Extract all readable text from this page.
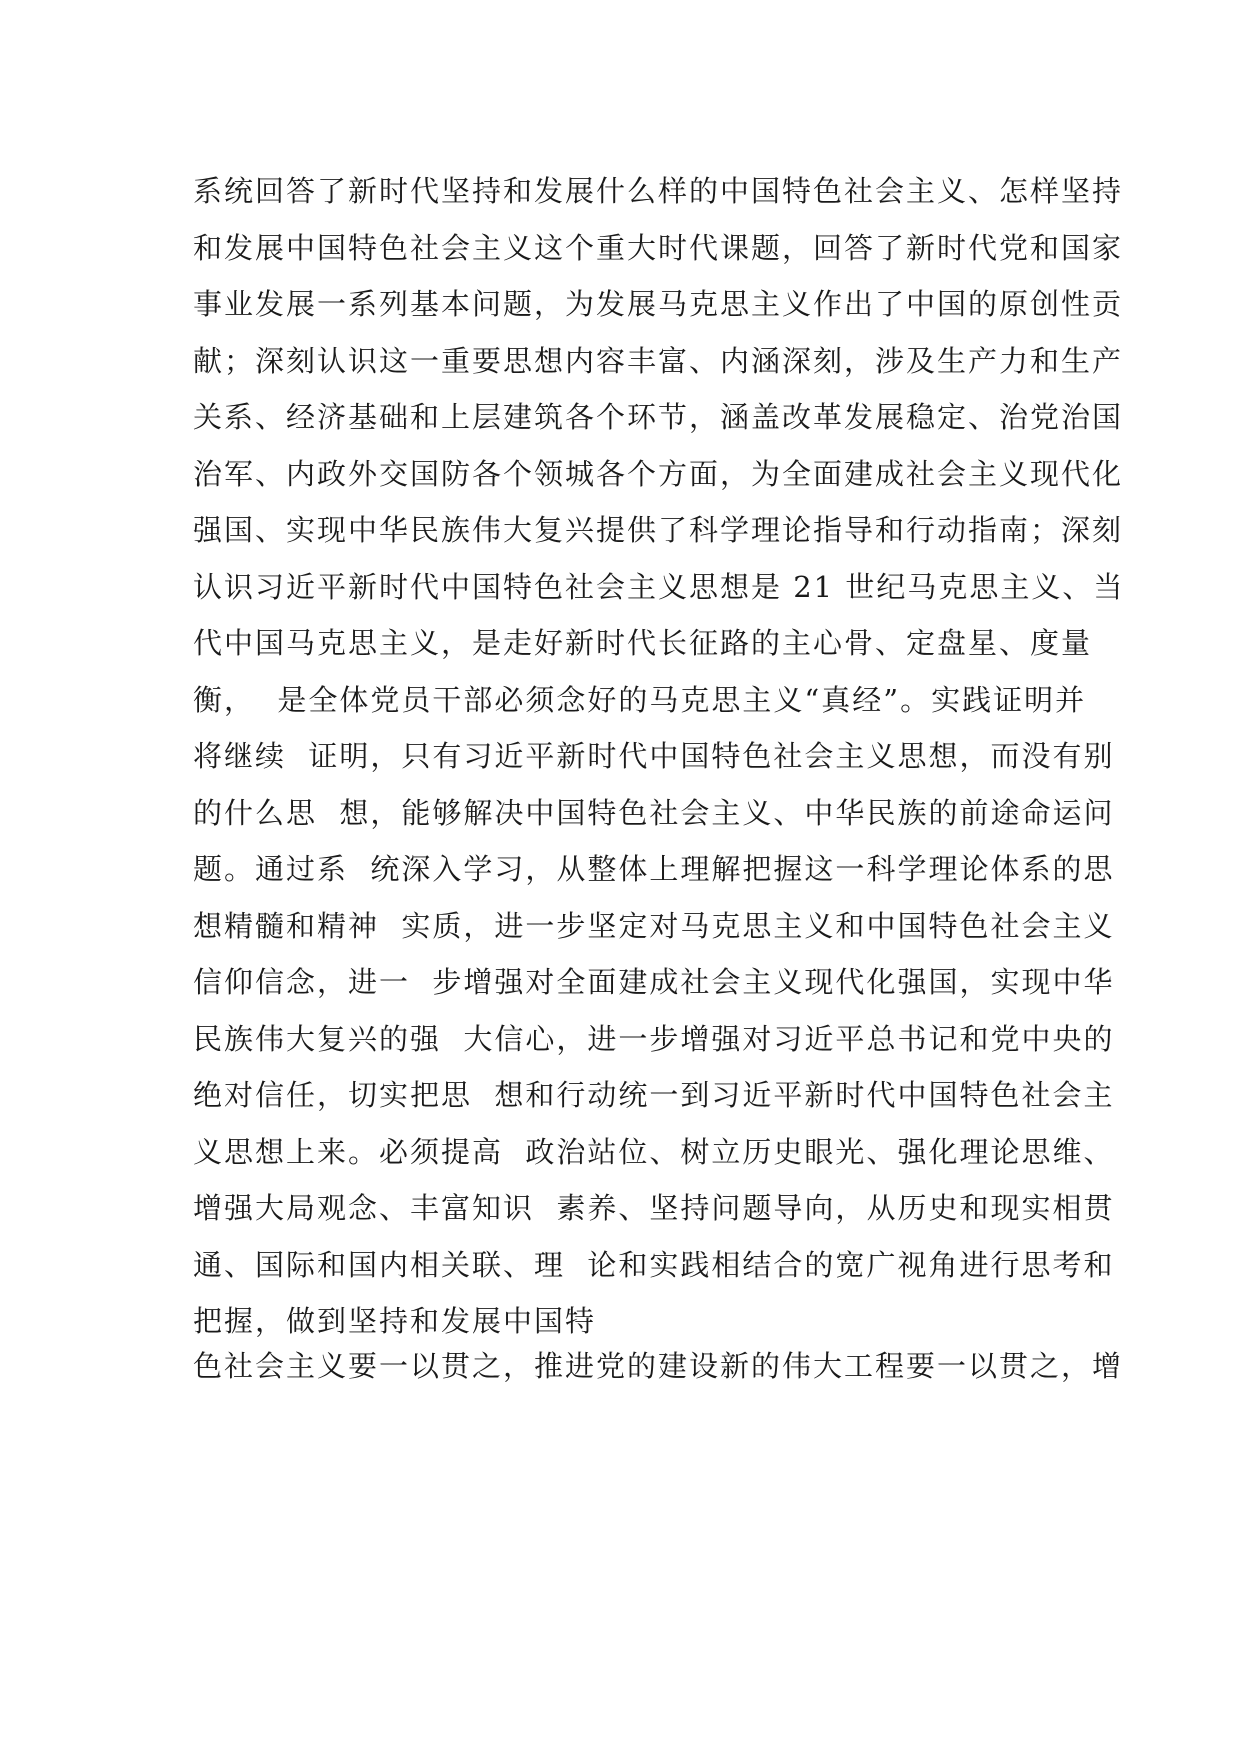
系统回答了新时代坚持和发展什么样的中国特色社会主义、怎样坚持
和发展中国特色社会主义这个重大时代课题，回答了新时代党和国家
事业发展一系列基本问题，为发展马克思主义作出了中国的原创性贡
献；深刻认识这一重要思想内容丰富、内涵深刻，涉及生产力和生产
关系、经济基础和上层建筑各个环节，涵盖改革发展稳定、治党治国
治军、内政外交国防各个领城各个方面，为全面建成社会主义现代化
强国、实现中华民族伟大复兴提供了科学理论指导和行动指南；深刻
认识习近平新时代中国特色社会主义思想是 21 世纪马克思主义、当
代中国马克思主义，是走好新时代长征路的主心骨、定盘星、度量
衡，  是全体党员干部必须念好的马克思主义“真经”。实践证明并
将继续  证明，只有习近平新时代中国特色社会主义思想，而没有别
的什么思  想，能够解决中国特色社会主义、中华民族的前途命运问
题。通过系  统深入学习，从整体上理解把握这一科学理论体系的思
想精髓和精神  实质，进一步坚定对马克思主义和中国特色社会主义
信仰信念，进一  步增强对全面建成社会主义现代化强国，实现中华
民族伟大复兴的强  大信心，进一步增强对习近平总书记和党中央的
绝对信任，切实把思  想和行动统一到习近平新时代中国特色社会主
义思想上来。必须提高  政治站位、树立历史眼光、强化理论思维、
增强大局观念、丰富知识  素养、坚持问题导向，从历史和现实相贯
通、国际和国内相关联、理  论和实践相结合的宽广视角进行思考和
把握，做到坚持和发展中国特
色社会主义要一以贯之，推进党的建设新的伟大工程要一以贯之，增
